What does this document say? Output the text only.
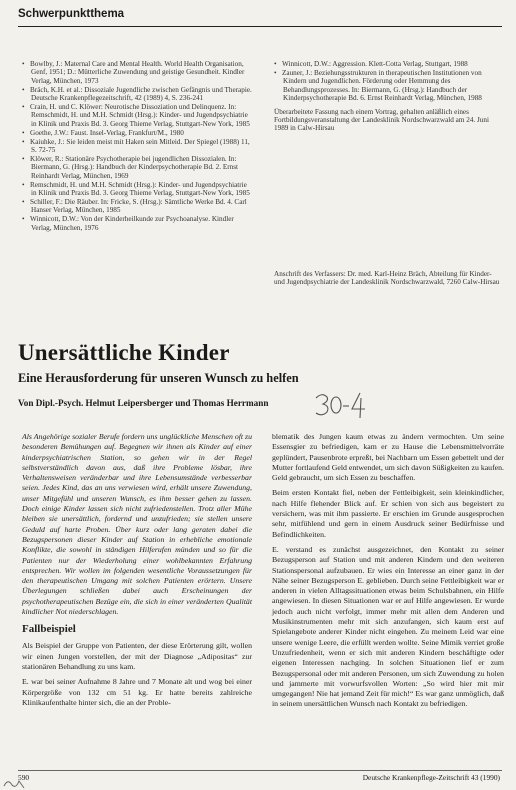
Schwerpunktthema
• Bowlby, J.: Maternal Care and Mental Health. World Health Organisation, Genf, 1951; D.: Mütterliche Zuwendung und geistige Gesundheit. Kindler Verlag, München, 1973
• Bräch, K.H. et al.: Dissoziale Jugendliche zwischen Gefängnis und Therapie. Deutsche Krankenpflegezeitschrift, 42 (1989) 4, S. 236-241
• Crain, H. und C. Klöwer: Neurotische Dissoziation und Delinquenz. In: Remschmidt, H. und M.H. Schmidt (Hrsg.): Kinder- und Jugendpsychiatrie in Klinik und Praxis Bd. 3. Georg Thieme Verlag, Stuttgart-New York, 1985
• Goethe, J.W.: Faust. Insel-Verlag, Frankfurt/M., 1980
• Kaiuhke, J.: Sie leiden meist mit Haken sein Mitleid. Der Spiegel (1988) 11, S. 72-75
• Klöwer, R.: Stationäre Psychotherapie bei jugendlichen Dissozialen. In: Biermann, G. (Hrsg.): Handbuch der Kinderpsychotherapie Bd. 2. Ernst Reinhardt Verlag, München, 1969
• Remschmidt, H. und M.H. Schmidt (Hrsg.): Kinder- und Jugendpsychiatrie in Klinik und Praxis Bd. 3. Georg Thieme Verlag, Stuttgart-New York, 1985
• Schiller, F.: Die Räuber. In: Fricke, S. (Hrsg.): Sämtliche Werke Bd. 4. Carl Hanser Verlag, München, 1985
• Winnicott, D.W.: Von der Kinderheilkunde zur Psychoanalyse. Kindler Verlag, München, 1976
• Winnicott, D.W.: Aggression. Klett-Cotta Verlag, Stuttgart, 1988
• Zauner, J.: Beziehungsstrukturen in therapeutischen Institutionen von Kindern und Jugendlichen. Förderung oder Hemmung des Behandlungsprozesses. In: Biermann, G. (Hrsg.): Handbuch der Kinderpsychotherapie Bd. 6. Ernst Reinhardt Verlag, München, 1988
Überarbeitete Fassung nach einem Vortrag, gehalten anläßlich eines Fortbildungsveranstaltung der Landesklinik Nordschwarzwald am 24. Juni 1989 in Calw-Hirsau
Anschrift des Verfassers: Dr. med. Karl-Heinz Bräch, Abteilung für Kinder- und Jugendpsychiatrie der Landesklinik Nordschwarzwald, 7260 Calw-Hirsau
Unersättliche Kinder
Eine Herausforderung für unseren Wunsch zu helfen
Von Dipl.-Psych. Helmut Leipersberger und Thomas Herrmann

Als Angehörige sozialer Berufe fordern uns unglückliche Menschen oft zu besonderen Bemühungen auf. Begegnen wir ihnen als Kinder auf einer kinderpsychiatrischen Station, so gehen wir in der Regel selbstverständlich davon aus, daß ihre Probleme lösbar, ihre Verhaltensweisen veränderbar und ihre Lebensumstände verbesserbar seien. Jedes Kind, das an uns verwiesen wird, erhält unsere Zuwendung, unser Mitgefühl und unseren Wunsch, es ihm besser gehen zu lassen. Doch einige Kinder lassen sich nicht zufriedenstellen. Trotz aller Mühe bleiben sie unersättlich, fordernd und unzufrieden; sie stellen unsere Geduld auf harte Proben. Über kurz oder lang geraten dabei die Bezugspersonen dieser Kinder auf Station in erhebliche emotionale Konflikte, die sowohl in ständigen Hilferufen münden und so für die Patienten nur der Wiederholung einer wohlbekannten Erfahrung entsprechen. Wir wollen im folgenden wesentliche Voraussetzungen für den therapeutischen Umgang mit solchen Patienten erörtern. Unsere Überlegungen schließen dabei auch Erscheinungen der psychotherapeutischen Bezüge ein, die sich in einer veränderten Qualität kindlicher Not niederschlagen.

Fallbeispiel

Als Beispiel der Gruppe von Patienten, der diese Erörterung gilt, wollen wir einen Jungen vorstellen, der mit der Diagnose „Adipositas“ zur stationären Behandlung zu uns kam.

E. war bei seiner Aufnahme 8 Jahre und 7 Monate alt und wog bei einer Körpergröße von 132 cm 51 kg. Er hatte bereits zahlreiche Klinikaufenthalte hinter sich, die an der Proble-

blematik des Jungen kaum etwas zu ändern vermochten. Um seine Essensgier zu befriedigen, kam er zu Hause die Lebensmittelvorräte geplündert, Pausenbrote erpreßt, bei Nachbarn um Essen gebettelt und der Mutter fortlaufend Geld entwendet, um sich davon Süßigkeiten zu kaufen. Geld gebraucht, um sich Essen zu beschaffen.

Beim ersten Kontakt fiel, neben der Fettleibigkeit, sein kleinkindlicher, nach Hilfe flehender Blick auf. Er schien von sich aus begeistert zu versichern, was mit ihm passierte. Er erschien im Grunde ausgesprochen sehr, mitfühlend und gern in einem Ausdruck seiner Bedürfnisse und Befindlichkeiten.

E. verstand es zunächst ausgezeichnet, den Kontakt zu seiner Bezugsperson auf Station und mit anderen Kindern und den weiteren Stationspersonal aufzubauen. Er wies ein Interesse an einer ganz in der Nähe seiner Bezugsperson E. geblieben. Durch seine Fettleibigkeit war er anderen in vielen Alltagssituationen etwas beim Schulsbahnen, ein Hilfe angewiesen. In diesen Situationen war er auf Hilfe angewiesen. Er wurde jedoch auch nicht verfolgt, immer mehr mit allen dem Anderen und Musikinstrumenten mehr mit sich anzufangen, sich kaum erst auf Spielangebote anderer Kinder nicht eingehen. Zu meinem Leid war eine unsere wenige Leere, die erfüllt werden wollte. Seine Mimik verriet große Unzufriedenheit, wenn er sich mit anderen Kindern beschäftigte oder eigenen Interessen nachging. In solchen Situationen lief er zum Bezugspersonal oder mit anderen Personen, um sich Zuwendung zu holen und jammerte mit vorwurfsvollen Worten: „So wird hier mit mir umgegangen! Nie hat jemand Zeit für mich!“ Es war ganz unmöglich, daß in seinem unersättlichen Wunsch nach Kontakt zu befriedigen.

590	Deutsche Krankenpflege-Zeitschrift 43 (1990)
